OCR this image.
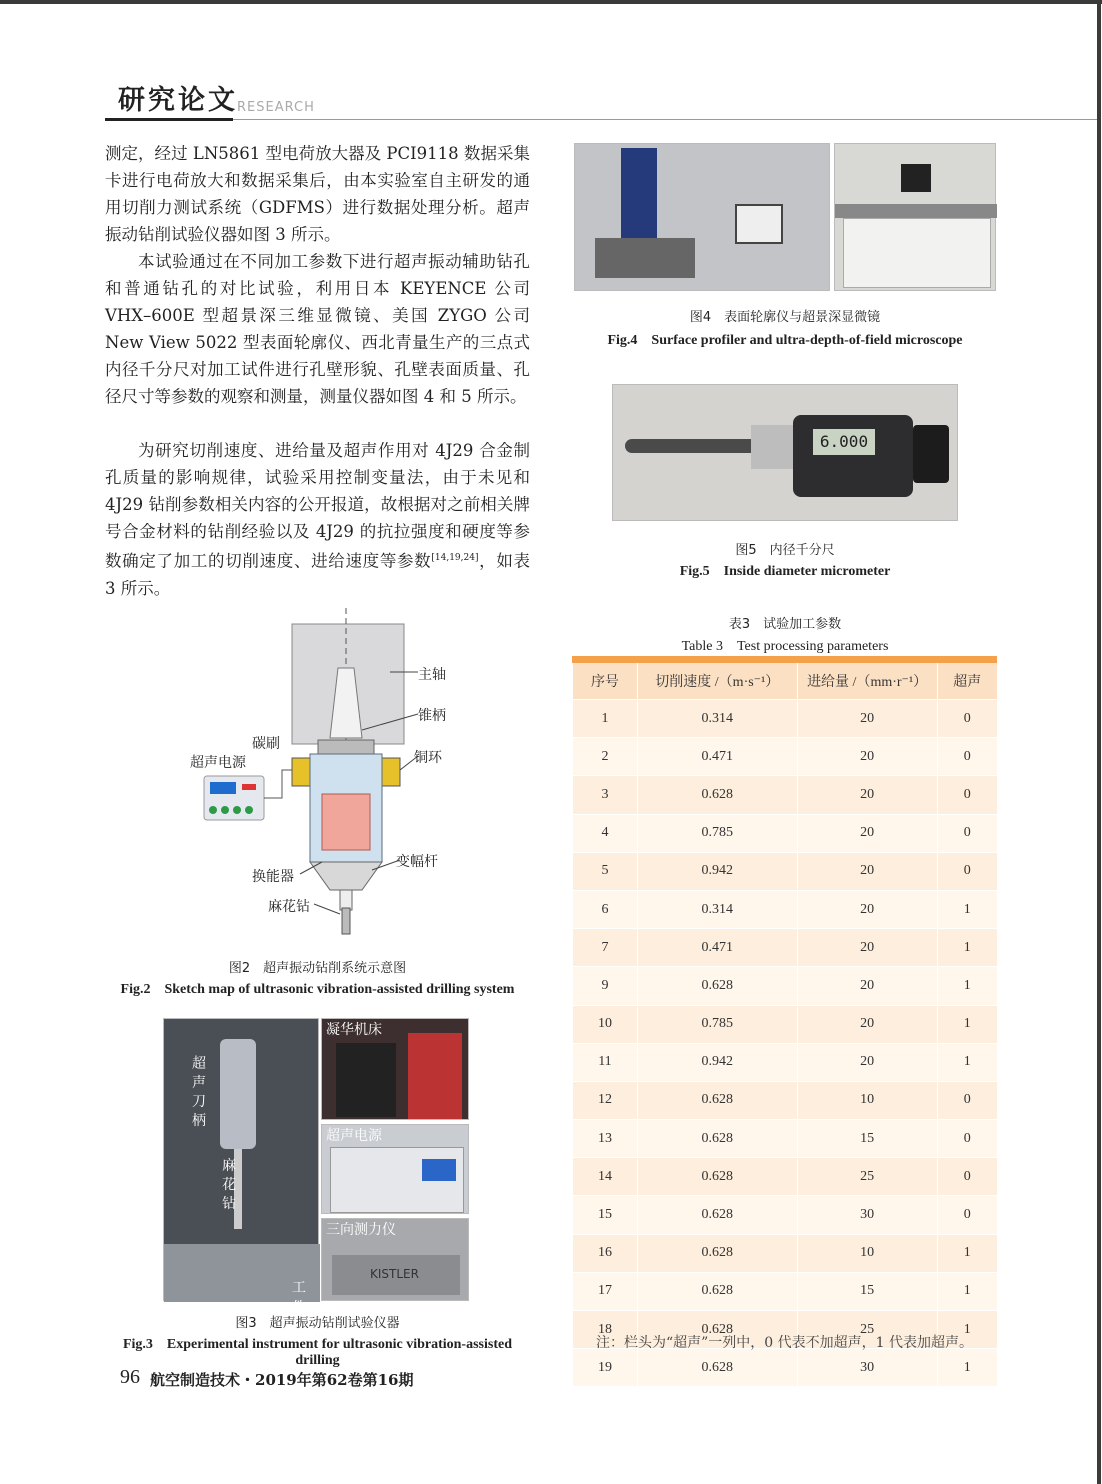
研究论文 RESEARCH
测定，经过 LN5861 型电荷放大器及 PCI9118 数据采集卡进行电荷放大和数据采集后，由本实验室自主研发的通用切削力测试系统（GDFMS）进行数据处理分析。超声振动钻削试验仪器如图 3 所示。
本试验通过在不同加工参数下进行超声振动辅助钻孔和普通钻孔的对比试验，利用日本 KEYENCE 公司 VHX–600E 型超景深三维显微镜、美国 ZYGO 公司 New View 5022 型表面轮廓仪、西北青量生产的三点式内径千分尺对加工试件进行孔壁形貌、孔壁表面质量、孔径尺寸等参数的观察和测量，测量仪器如图 4 和 5 所示。
为研究切削速度、进给量及超声作用对 4J29 合金制孔质量的影响规律，试验采用控制变量法，由于未见和 4J29 钻削参数相关内容的公开报道，故根据对之前相关牌号合金材料的钻削经验以及 4J29 的抗拉强度和硬度等参数确定了加工的切削速度、进给速度等参数[14,19,24]，如表 3 所示。
主轴
锥柄
碳刷
超声电源	铜环
变幅杆
换能器
麻花钻
图2　超声振动钻削系统示意图
Fig.2　Sketch map of ultrasonic vibration-assisted drilling system
超声刀柄
麻花钻
工件
凝华机床
超声电源
KISTLER
三向测力仪
图3　超声振动钻削试验仪器
Fig.3　Experimental instrument for ultrasonic vibration-assisted drilling
图4　表面轮廓仪与超景深显微镜
Fig.4　Surface profiler and ultra-depth-of-field microscope
6.000
图5　内径千分尺
Fig.5　Inside diameter micrometer
表3　试验加工参数
Table 3　Test processing parameters
序号	切削速度 /（m·s⁻¹）	进给量 /（mm·r⁻¹）	超声
1	0.314	20	0
2	0.471	20	0
3	0.628	20	0
4	0.785	20	0
5	0.942	20	0
6	0.314	20	1
7	0.471	20	1
9	0.628	20	1
10	0.785	20	1
11	0.942	20	1
12	0.628	10	0
13	0.628	15	0
14	0.628	25	0
15	0.628	30	0
16	0.628	10	1
17	0.628	15	1
18	0.628	25	1
19	0.628	30	1
注：栏头为“超声”一列中，0 代表不加超声，1 代表加超声。
96 航空制造技术・2019年第62卷第16期
